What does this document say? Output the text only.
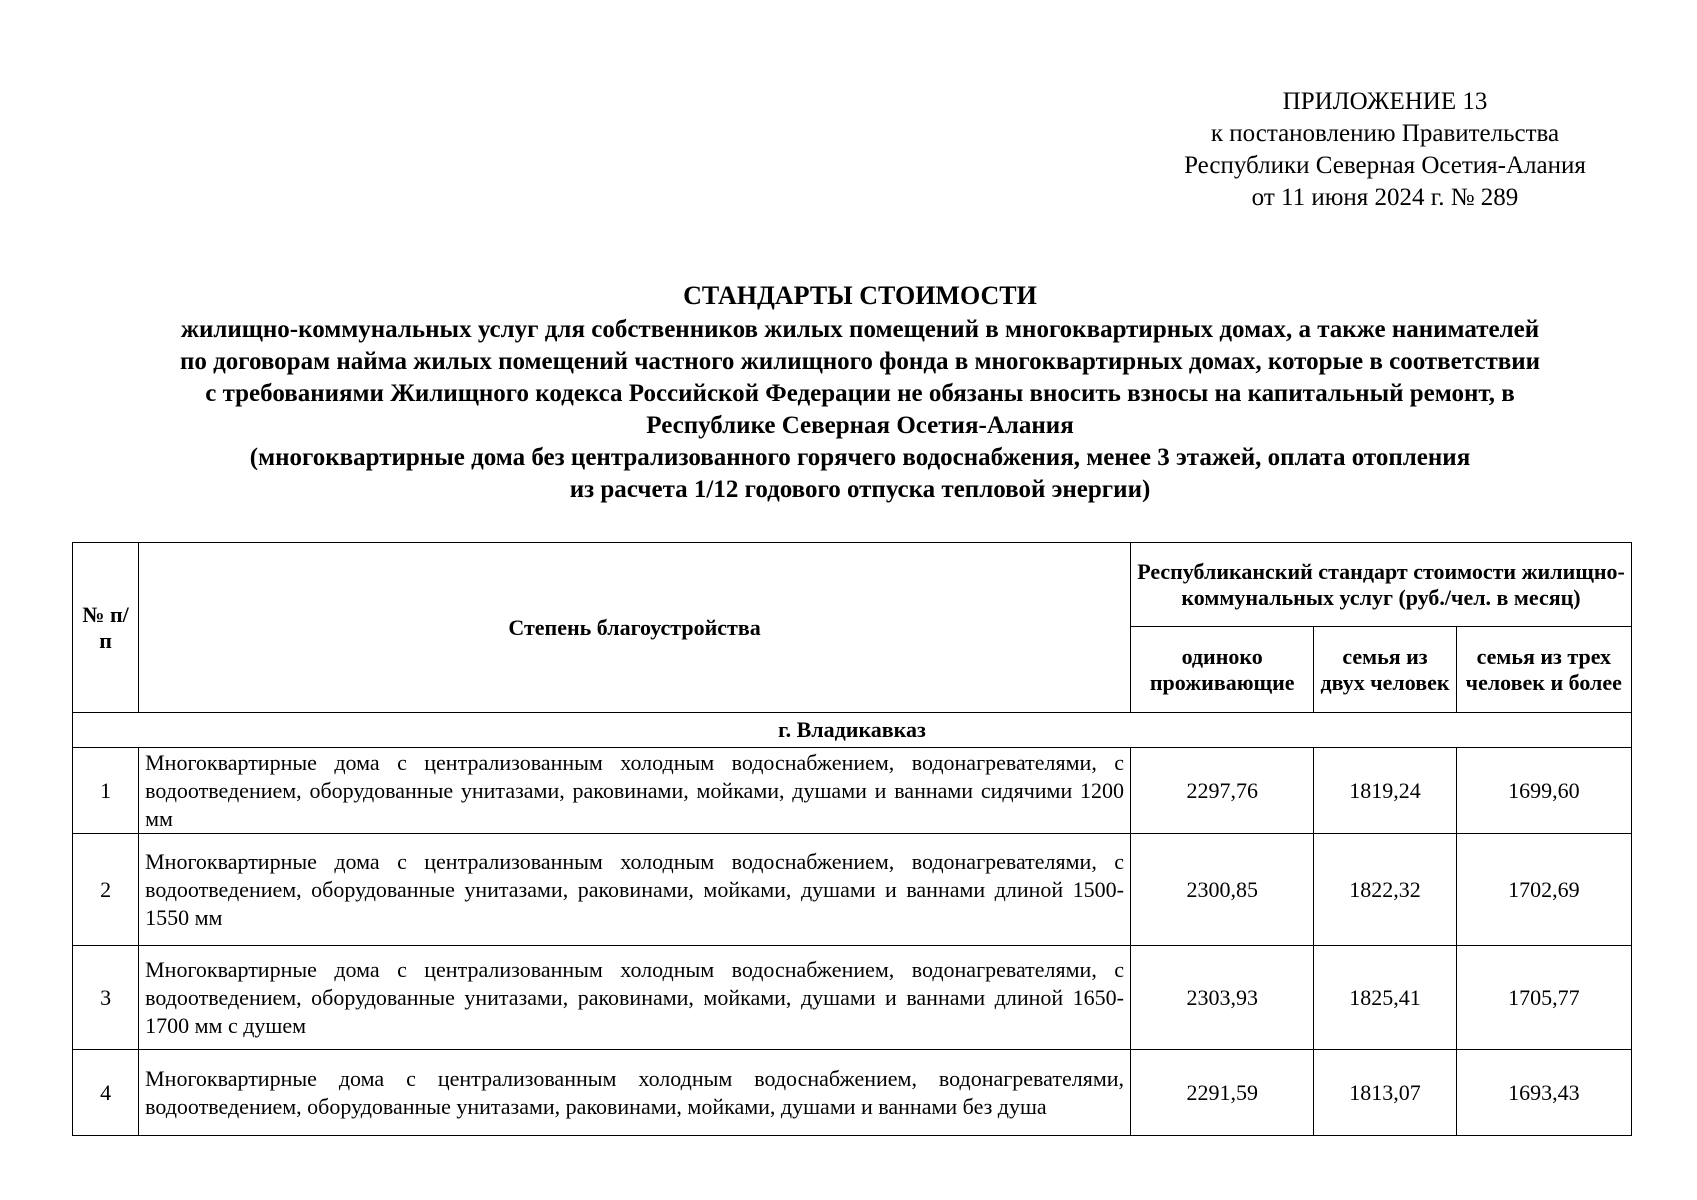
ПРИЛОЖЕНИЕ 13
к постановлению Правительства
Республики Северная Осетия-Алания
от 11 июня 2024 г. № 289
СТАНДАРТЫ СТОИМОСТИ
жилищно-коммунальных услуг для собственников жилых помещений в многоквартирных домах, а также нанимателей
по договорам найма жилых помещений частного жилищного фонда в многоквартирных домах, которые в соответствии
с требованиями Жилищного кодекса Российской Федерации не обязаны вносить взносы на капитальный ремонт, в
Республике Северная Осетия-Алания
(многоквартирные дома без централизованного горячего водоснабжения, менее 3 этажей, оплата отопления
из расчета 1/12 годового отпуска тепловой энергии)
№ п/п	Степень благоустройства	Республиканский стандарт стоимости жилищно-коммунальных услуг (руб./чел. в месяц)		
		одиноко проживающие	семья из двух человек	семья из трех человек и более
г. Владикавказ				
1	Многоквартирные дома с централизованным холодным водоснабжением, водонагревателями, с водоотведением, оборудованные унитазами, раковинами, мойками, душами и ваннами сидячими 1200 мм	2297,76	1819,24	1699,60
2	Многоквартирные дома с централизованным холодным водоснабжением, водонагревателями, с водоотведением, оборудованные унитазами, раковинами, мойками, душами и ваннами длиной 1500-1550 мм	2300,85	1822,32	1702,69
3	Многоквартирные дома с централизованным холодным водоснабжением, водонагревателями, с водоотведением, оборудованные унитазами, раковинами, мойками, душами и ваннами длиной 1650-1700 мм с душем	2303,93	1825,41	1705,77
4	Многоквартирные дома с централизованным холодным водоснабжением, водонагревателями, водоотведением, оборудованные унитазами, раковинами, мойками, душами и ваннами без душа	2291,59	1813,07	1693,43
